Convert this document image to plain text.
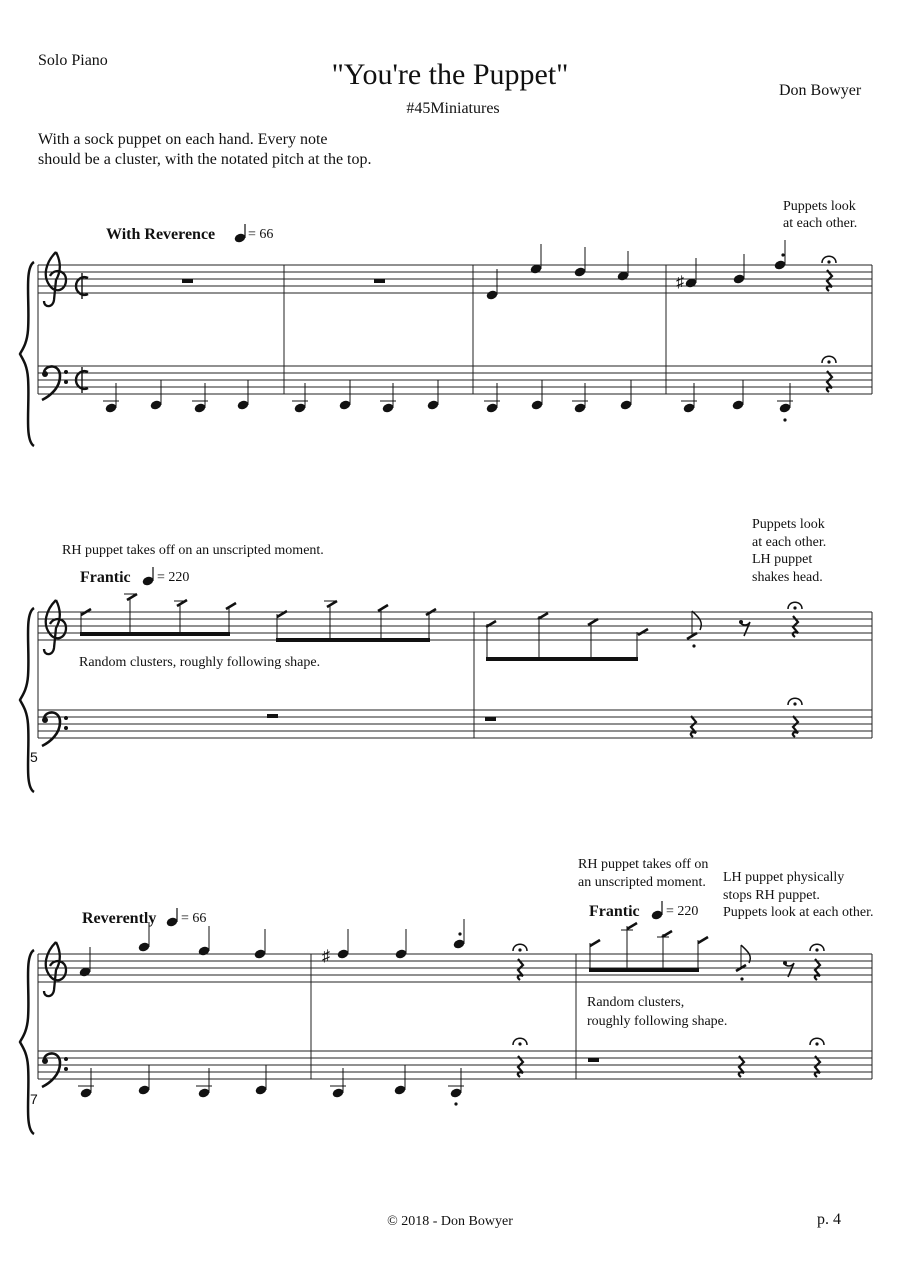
Solo Piano	"You're the Puppet"
#45Miniatures
Don Bowyer
With a sock puppet on each hand. Every note
should be a cluster, with the notated pitch at the top.
With Reverence = 66
Puppets look
at each other.
RH puppet takes off on an unscripted moment.
Frantic = 220
Random clusters, roughly following shape.
Puppets look
at each other.
LH puppet
shakes head.
5
Reverently = 66
RH puppet takes off on
an unscripted moment. LH puppet physically
stops RH puppet.
Puppets look at each other.
Frantic = 220
Random clusters,
roughly following shape.
7
© 2018 - Don Bowyer	p. 4
♯
♯
